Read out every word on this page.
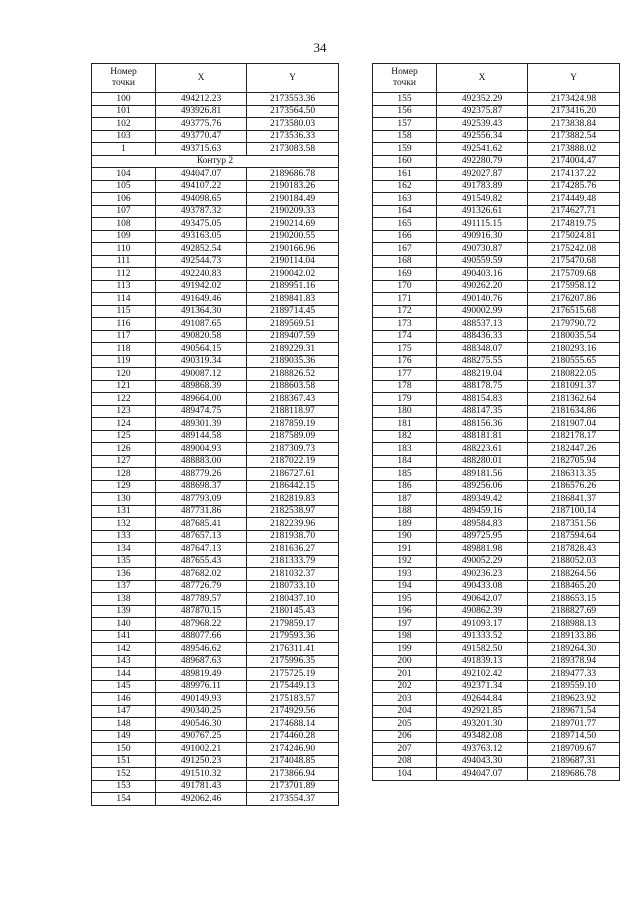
34
Номер
точки	X	Y
100	494212.23	2173553.36
101	493926.81	2173564.50
102	493775.76	2173580.03
103	493770.47	2173536.33
1	493715.63	2173083.58
Контур 2		
104	494047.07	2189686.78
105	494107.22	2190183.26
106	494098.65	2190184.49
107	493787.32	2190209.33
108	493475.05	2190214.69
109	493163.05	2190200.55
110	492852.54	2190166.96
111	492544.73	2190114.04
112	492240.83	2190042.02
113	491942.02	2189951.16
114	491649.46	2189841.83
115	491364.30	2189714.45
116	491087.65	2189569.51
117	490820.58	2189407.59
118	490564.15	2189229.31
119	490319.34	2189035.36
120	490087.12	2188826.52
121	489868.39	2188603.58
122	489664.00	2188367.43
123	489474.75	2188118.97
124	489301.39	2187859.19
125	489144.58	2187589.09
126	489004.93	2187309.73
127	488883.00	2187022.19
128	488779.26	2186727.61
129	488698.37	2186442.15
130	487793.09	2182819.83
131	487731.86	2182538.97
132	487685.41	2182239.96
133	487657.13	2181938.70
134	487647.13	2181636.27
135	487655.43	2181333.79
136	487682.02	2181032.37
137	487726.79	2180733.10
138	487789.57	2180437.10
139	487870.15	2180145.43
140	487968.22	2179859.17
141	488077.66	2179593.36
142	489546.62	2176311.41
143	489687.63	2175996.35
144	489819.49	2175725.19
145	489976.11	2175449.13
146	490149.93	2175183.57
147	490340.25	2174929.56
148	490546.30	2174688.14
149	490767.25	2174460.28
150	491002.21	2174246.90
151	491250.23	2174048.85
152	491510.32	2173866.94
153	491781.43	2173701.89
154	492062.46	2173554.37
Номер
точки	X	Y
155	492352.29	2173424.98
156	492375.87	2173416.20
157	492539.43	2173838.84
158	492556.34	2173882.54
159	492541.62	2173888.02
160	492280.79	2174004.47
161	492027.87	2174137.22
162	491783.89	2174285.76
163	491549.82	2174449.48
164	491326.61	2174627.71
165	491115.15	2174819.75
166	490916.30	2175024.81
167	490730.87	2175242.08
168	490559.59	2175470.68
169	490403.16	2175709.68
170	490262.20	2175958.12
171	490140.76	2176207.86
172	490002.99	2176515.68
173	488537.13	2179790.72
174	488436.33	2180035.54
175	488348.07	2180293.16
176	488275.55	2180555.65
177	488219.04	2180822.05
178	488178.75	2181091.37
179	488154.83	2181362.64
180	488147.35	2181634.86
181	488156.36	2181907.04
182	488181.81	2182178.17
183	488223.61	2182447.26
184	488280.01	2182705.94
185	489181.56	2186313.35
186	489256.06	2186576.26
187	489349.42	2186841.37
188	489459.16	2187100.14
189	489584.83	2187351.56
190	489725.95	2187594.64
191	489881.98	2187828.43
192	490052.29	2188052.03
193	490236.23	2188264.56
194	490433.08	2188465.20
195	490642.07	2188653.15
196	490862.39	2188827.69
197	491093.17	2188988.13
198	491333.52	2189133.86
199	491582.50	2189264.30
200	491839.13	2189378.94
201	492102.42	2189477.33
202	492371.34	2189559.10
203	492644.84	2189623.92
204	492921.85	2189671.54
205	493201.30	2189701.77
206	493482.08	2189714.50
207	493763.12	2189709.67
208	494043.30	2189687.31
104	494047.07	2189686.78
